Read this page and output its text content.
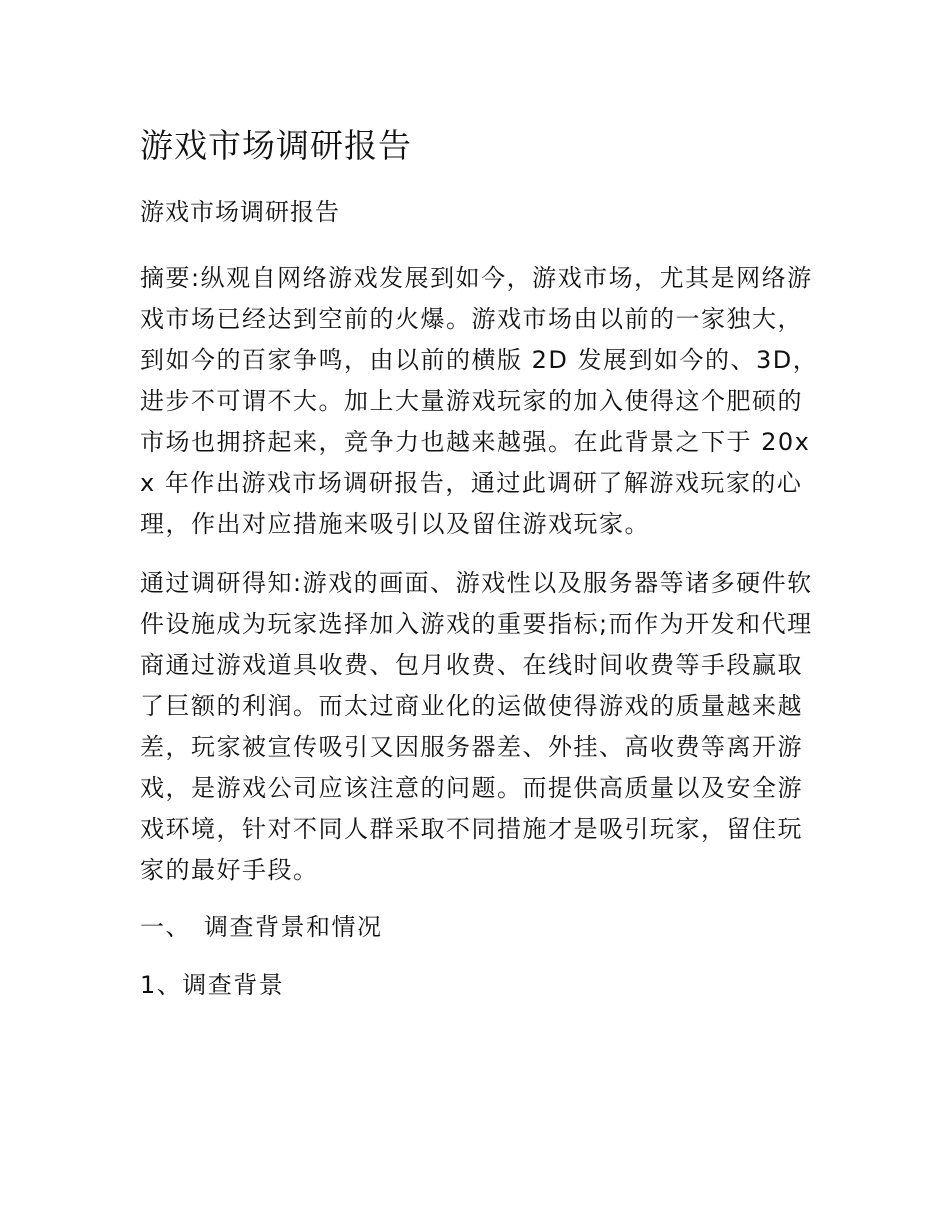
游戏市场调研报告

游戏市场调研报告

摘要:纵观自网络游戏发展到如今，游戏市场，尤其是网络游戏市场已经达到空前的火爆。游戏市场由以前的一家独大，到如今的百家争鸣，由以前的横版 2D 发展到如今的、3D，进步不可谓不大。加上大量游戏玩家的加入使得这个肥硕的市场也拥挤起来，竞争力也越来越强。在此背景之下于 20xx 年作出游戏市场调研报告，通过此调研了解游戏玩家的心理，作出对应措施来吸引以及留住游戏玩家。

通过调研得知:游戏的画面、游戏性以及服务器等诸多硬件软件设施成为玩家选择加入游戏的重要指标;而作为开发和代理商通过游戏道具收费、包月收费、在线时间收费等手段赢取了巨额的利润。而太过商业化的运做使得游戏的质量越来越差，玩家被宣传吸引又因服务器差、外挂、高收费等离开游戏，是游戏公司应该注意的问题。而提供高质量以及安全游戏环境，针对不同人群采取不同措施才是吸引玩家，留住玩家的最好手段。

一、 调查背景和情况
1、调查背景
